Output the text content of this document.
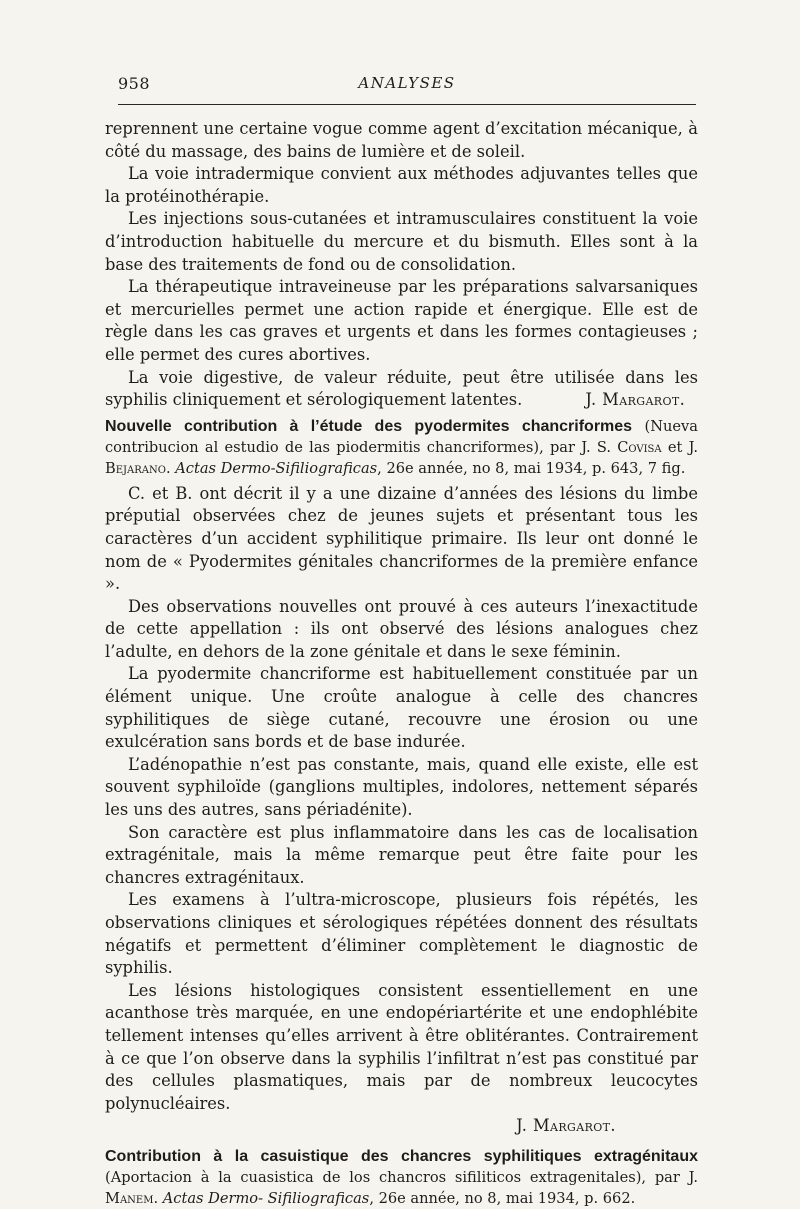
958	ANALYSES

reprennent une certaine vogue comme agent d’excitation mécanique, à côté du massage, des bains de lumière et de soleil.

La voie intradermique convient aux méthodes adjuvantes telles que la protéinothérapie.

Les injections sous-cutanées et intramusculaires constituent la voie d’introduction habituelle du mercure et du bismuth. Elles sont à la base des traitements de fond ou de consolidation.

La thérapeutique intraveineuse par les préparations salvarsaniques et mercurielles permet une action rapide et énergique. Elle est de règle dans les cas graves et urgents et dans les formes contagieuses ; elle permet des cures abortives.

La voie digestive, de valeur réduite, peut être utilisée dans les syphilis cliniquement et sérologiquement latentes.	J. Margarot.

Nouvelle contribution à l’étude des pyodermites chancriformes (Nueva contribucion al estudio de las piodermitis chancriformes), par J. S. Covisa et J. Bejarano. Actas Dermo-Sifiliograficas, 26e année, no 8, mai 1934, p. 643, 7 fig.

C. et B. ont décrit il y a une dizaine d’années des lésions du limbe préputial observées chez de jeunes sujets et présentant tous les caractères d’un accident syphilitique primaire. Ils leur ont donné le nom de « Pyodermites génitales chancriformes de la première enfance ».

Des observations nouvelles ont prouvé à ces auteurs l’inexactitude de cette appellation : ils ont observé des lésions analogues chez l’adulte, en dehors de la zone génitale et dans le sexe féminin.

La pyodermite chancriforme est habituellement constituée par un élément unique. Une croûte analogue à celle des chancres syphilitiques de siège cutané, recouvre une érosion ou une exulcération sans bords et de base indurée.

L’adénopathie n’est pas constante, mais, quand elle existe, elle est souvent syphiloïde (ganglions multiples, indolores, nettement séparés les uns des autres, sans périadénite).

Son caractère est plus inflammatoire dans les cas de localisation extragénitale, mais la même remarque peut être faite pour les chancres extragénitaux.

Les examens à l’ultra-microscope, plusieurs fois répétés, les observations cliniques et sérologiques répétées donnent des résultats négatifs et permettent d’éliminer complètement le diagnostic de syphilis.

Les lésions histologiques consistent essentiellement en une acanthose très marquée, en une endopériartérite et une endophlébite tellement intenses qu’elles arrivent à être oblitérantes. Contrairement à ce que l’on observe dans la syphilis l’infiltrat n’est pas constitué par des cellules plasmatiques, mais par de nombreux leucocytes polynucléaires.

J. Margarot.

Contribution à la casuistique des chancres syphilitiques extragénitaux (Aportacion à la cuasistica de los chancros sifiliticos extragenitales), par J. Manem. Actas Dermo- Sifiliograficas, 26e année, no 8, mai 1934, p. 662.
